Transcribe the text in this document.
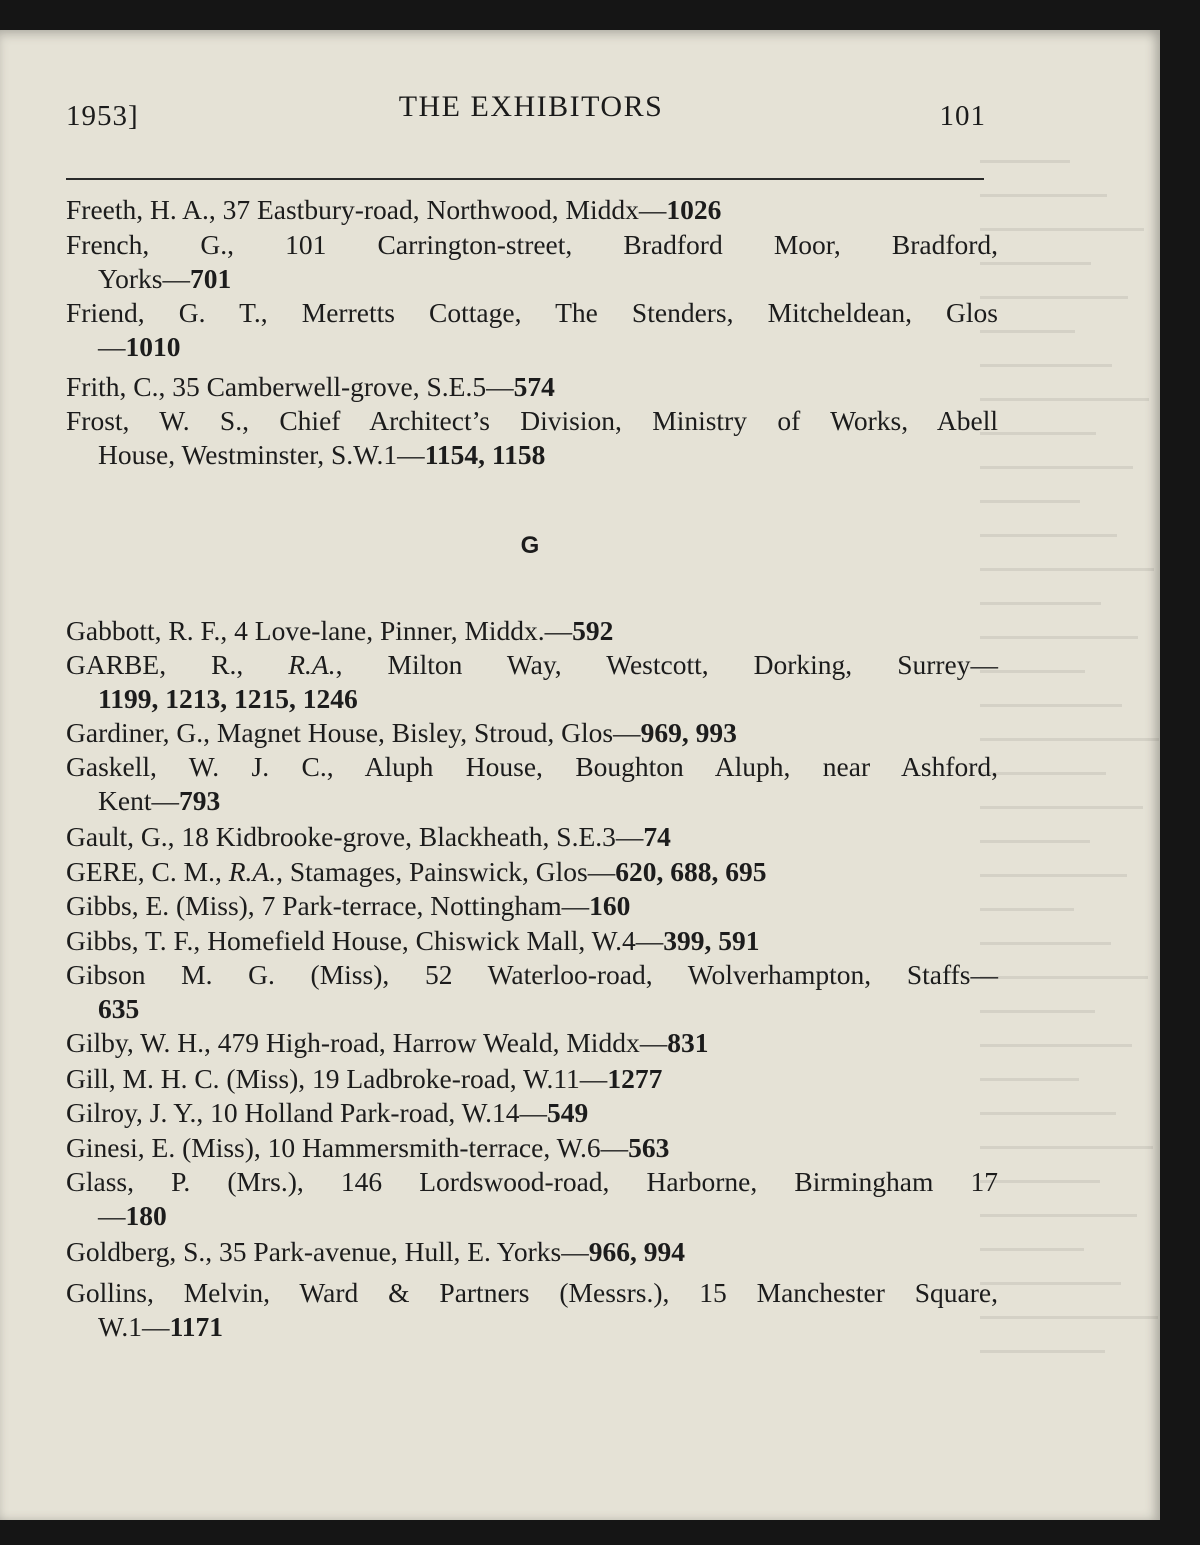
1953]	THE EXHIBITORS	101
Freeth, H. A., 37 Eastbury-road, Northwood, Middx—1026
French, G., 101 Carrington-street, Bradford Moor, Bradford,
Yorks—701
Friend, G. T., Merretts Cottage, The Stenders, Mitcheldean, Glos
—1010
Frith, C., 35 Camberwell-grove, S.E.5—574
Frost, W. S., Chief Architect’s Division, Ministry of Works, Abell
House, Westminster, S.W.1—1154, 1158
G
Gabbott, R. F., 4 Love-lane, Pinner, Middx.—592
GARBE, R., R.A., Milton Way, Westcott, Dorking, Surrey—
1199, 1213, 1215, 1246
Gardiner, G., Magnet House, Bisley, Stroud, Glos—969, 993
Gaskell, W. J. C., Aluph House, Boughton Aluph, near Ashford,
Kent—793
Gault, G., 18 Kidbrooke-grove, Blackheath, S.E.3—74
GERE, C. M., R.A., Stamages, Painswick, Glos—620, 688, 695
Gibbs, E. (Miss), 7 Park-terrace, Nottingham—160
Gibbs, T. F., Homefield House, Chiswick Mall, W.4—399, 591
Gibson M. G. (Miss), 52 Waterloo-road, Wolverhampton, Staffs—
635
Gilby, W. H., 479 High-road, Harrow Weald, Middx—831
Gill, M. H. C. (Miss), 19 Ladbroke-road, W.11—1277
Gilroy, J. Y., 10 Holland Park-road, W.14—549
Ginesi, E. (Miss), 10 Hammersmith-terrace, W.6—563
Glass, P. (Mrs.), 146 Lordswood-road, Harborne, Birmingham 17
—180
Goldberg, S., 35 Park-avenue, Hull, E. Yorks—966, 994
Gollins, Melvin, Ward & Partners (Messrs.), 15 Manchester Square,
W.1—1171
